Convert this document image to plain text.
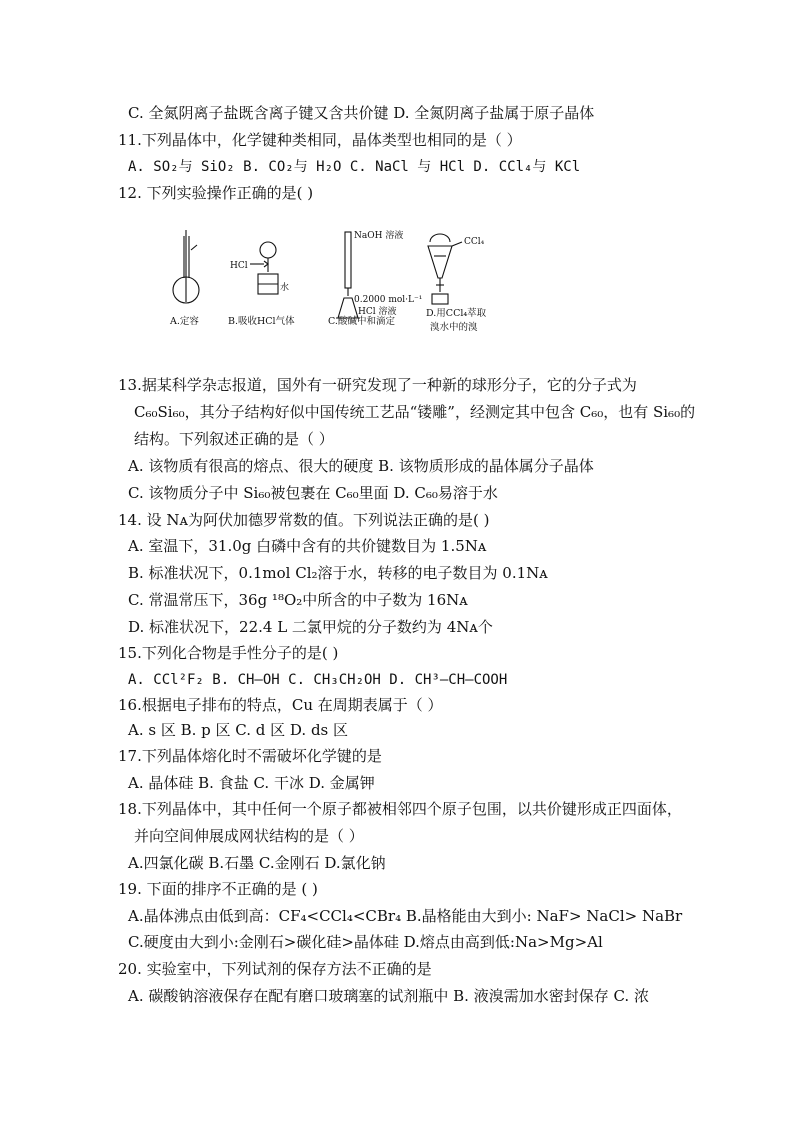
C. 全氮阴离子盐既含离子键又含共价键 D. 全氮阴离子盐属于原子晶体
11.下列晶体中，化学键种类相同，晶体类型也相同的是（ ）
A. SO₂与 SiO₂ B. CO₂与 H₂O C. NaCl 与 HCl D. CCl₄与 KCl
12. 下列实验操作正确的是( )
HCl
水
NaOH 溶液
0.2000 mol·L⁻¹
HCl 溶液
CCl₄
A.定容	B.吸收HCl气体	C.酸碱中和滴定
D.用CCl₄萃取
溴水中的溴
13.据某科学杂志报道，国外有一研究发现了一种新的球形分子，它的分子式为
C₆₀Si₆₀，其分子结构好似中国传统工艺品“镂雕”，经测定其中包含 C₆₀，也有 Si₆₀的
结构。下列叙述正确的是（ ）
A. 该物质有很高的熔点、很大的硬度 B. 该物质形成的晶体属分子晶体
C. 该物质分子中 Si₆₀被包裹在 C₆₀里面 D. C₆₀易溶于水
14. 设 Nᴀ为阿伏加德罗常数的值。下列说法正确的是( )
A. 室温下，31.0g 白磷中含有的共价键数目为 1.5Nᴀ
B. 标准状况下，0.1mol Cl₂溶于水，转移的电子数目为 0.1Nᴀ
C. 常温常压下，36g ¹⁸O₂中所含的中子数为 16Nᴀ
D. 标准状况下，22.4 L 二氯甲烷的分子数约为 4Nᴀ个
15.下列化合物是手性分子的是( )
A. CCl²F₂ B. CH—OH C. CH₃CH₂OH D. CH³—CH—COOH
16.根据电子排布的特点，Cu 在周期表属于（ ）
A. s 区 B. p 区 C. d 区 D. ds 区
17.下列晶体熔化时不需破坏化学键的是
A. 晶体硅 B. 食盐 C. 干冰 D. 金属钾
18.下列晶体中，其中任何一个原子都被相邻四个原子包围，以共价键形成正四面体，
并向空间伸展成网状结构的是（ ）
A.四氯化碳 B.石墨 C.金刚石 D.氯化钠
19. 下面的排序不正确的是 ( )
A.晶体沸点由低到高：CF₄<CCl₄<CBr₄ B.晶格能由大到小: NaF> NaCl> NaBr
C.硬度由大到小:金刚石>碳化硅>晶体硅 D.熔点由高到低:Na>Mg>Al
20. 实验室中，下列试剂的保存方法不正确的是
A. 碳酸钠溶液保存在配有磨口玻璃塞的试剂瓶中 B. 液溴需加水密封保存 C. 浓
